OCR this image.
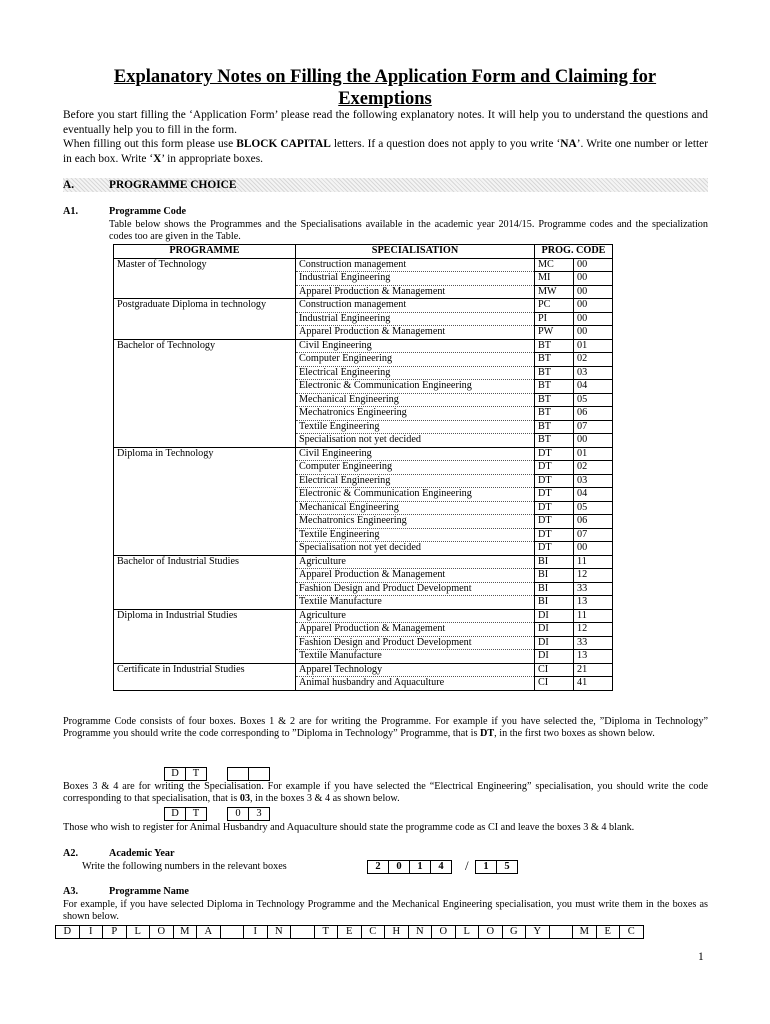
Explanatory Notes on Filling the Application Form and Claiming for
Exemptions
Before you start filling the ‘Application Form’ please read the following explanatory notes. It will help you to understand the questions and eventually help you to fill in the form.
When filling out this form please use BLOCK CAPITAL letters. If a question does not apply to you write ‘NA’. Write one number or letter in each box. Write ‘X’ in appropriate boxes.
A.	PROGRAMME CHOICE
A1.	Programme Code
Table below shows the Programmes and the Specialisations available in the academic year 2014/15. Programme codes and the specialization codes too are given in the Table.
PROGRAMME	SPECIALISATION	PROG. CODE	
Master of Technology	Construction management	MC	00
	Industrial Engineering	MI	00
	Apparel Production & Management	MW	00
Postgraduate Diploma in technology	Construction management	PC	00
	Industrial Engineering	PI	00
	Apparel Production & Management	PW	00
Bachelor of Technology	Civil Engineering	BT	01
	Computer Engineering	BT	02
	Electrical Engineering	BT	03
	Electronic & Communication Engineering	BT	04
	Mechanical Engineering	BT	05
	Mechatronics Engineering	BT	06
	Textile Engineering	BT	07
	Specialisation not yet decided	BT	00
Diploma in Technology	Civil Engineering	DT	01
	Computer Engineering	DT	02
	Electrical Engineering	DT	03
	Electronic & Communication Engineering	DT	04
	Mechanical Engineering	DT	05
	Mechatronics Engineering	DT	06
	Textile Engineering	DT	07
	Specialisation not yet decided	DT	00
Bachelor of Industrial Studies	Agriculture	BI	11
	Apparel Production & Management	BI	12
	Fashion Design and Product Development	BI	33
	Textile Manufacture	BI	13
Diploma in Industrial Studies	Agriculture	DI	11
	Apparel Production & Management	DI	12
	Fashion Design and Product Development	DI	33
	Textile Manufacture	DI	13
Certificate in Industrial Studies	Apparel Technology	CI	21
	Animal husbandry and Aquaculture	CI	41
Programme Code consists of four boxes. Boxes 1 & 2 are for writing the Programme. For example if you have selected the, ”Diploma in Technology” Programme you should write the code corresponding to ”Diploma in Technology” Programme, that is DT, in the first two boxes as shown below.
D	T
Boxes 3 & 4 are for writing the Specialisation. For example if you have selected the “Electrical Engineering” specialisation, you should write the code corresponding to that specialisation, that is 03, in the boxes 3 & 4 as shown below.
D	T	0	3
Those who wish to register for Animal Husbandry and Aquaculture should state the programme code as CI and leave the boxes 3 & 4 blank.
A2.	Academic Year
Write the following numbers in the relevant boxes	2	0	1	4	/	1	5
A3.	Programme Name
For example, if you have selected Diploma in Technology Programme and the Mechanical Engineering specialisation, you must write them in the boxes as shown below.
D	I	P	L	O	M	A	I	N	T	E	C	H	N	O	L	O	G	Y	M	E	C
1
